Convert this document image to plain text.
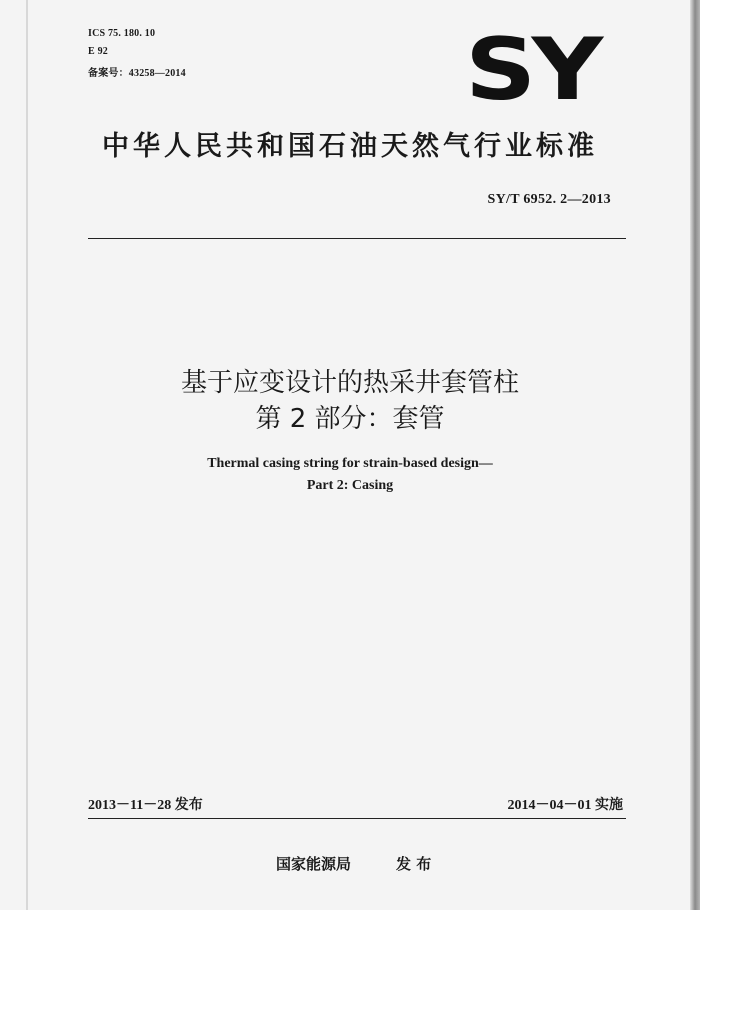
ICS 75. 180. 10
E 92
备案号：43258—2014	SY
中华人民共和国石油天然气行业标准
SY/T 6952. 2—2013
基于应变设计的热采井套管柱
第 2 部分：套管
Thermal casing string for strain-based design—
Part 2: Casing
2013－11－28 发布	2014－04－01 实施
国家能源局	发 布
